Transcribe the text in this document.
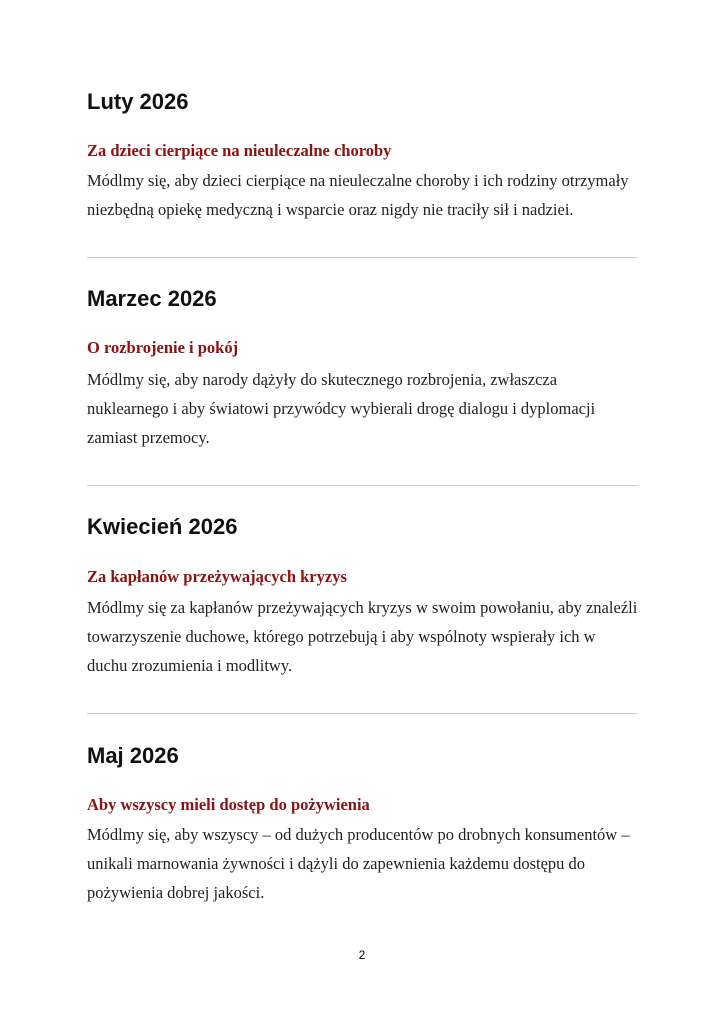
Luty 2026

Za dzieci cierpiące na nieuleczalne choroby

Módlmy się, aby dzieci cierpiące na nieuleczalne choroby i ich rodziny otrzymały niezbędną opiekę medyczną i wsparcie oraz nigdy nie traciły sił i nadziei.

Marzec 2026

O rozbrojenie i pokój

Módlmy się, aby narody dążyły do skutecznego rozbrojenia, zwłaszcza nuklearnego i aby światowi przywódcy wybierali drogę dialogu i dyplomacji zamiast przemocy.

Kwiecień 2026

Za kapłanów przeżywających kryzys

Módlmy się za kapłanów przeżywających kryzys w swoim powołaniu, aby znaleźli towarzyszenie duchowe, którego potrzebują i aby wspólnoty wspierały ich w duchu zrozumienia i modlitwy.

Maj 2026

Aby wszyscy mieli dostęp do pożywienia

Módlmy się, aby wszyscy – od dużych producentów po drobnych konsumentów – unikali marnowania żywności i dążyli do zapewnienia każdemu dostępu do pożywienia dobrej jakości.

2
